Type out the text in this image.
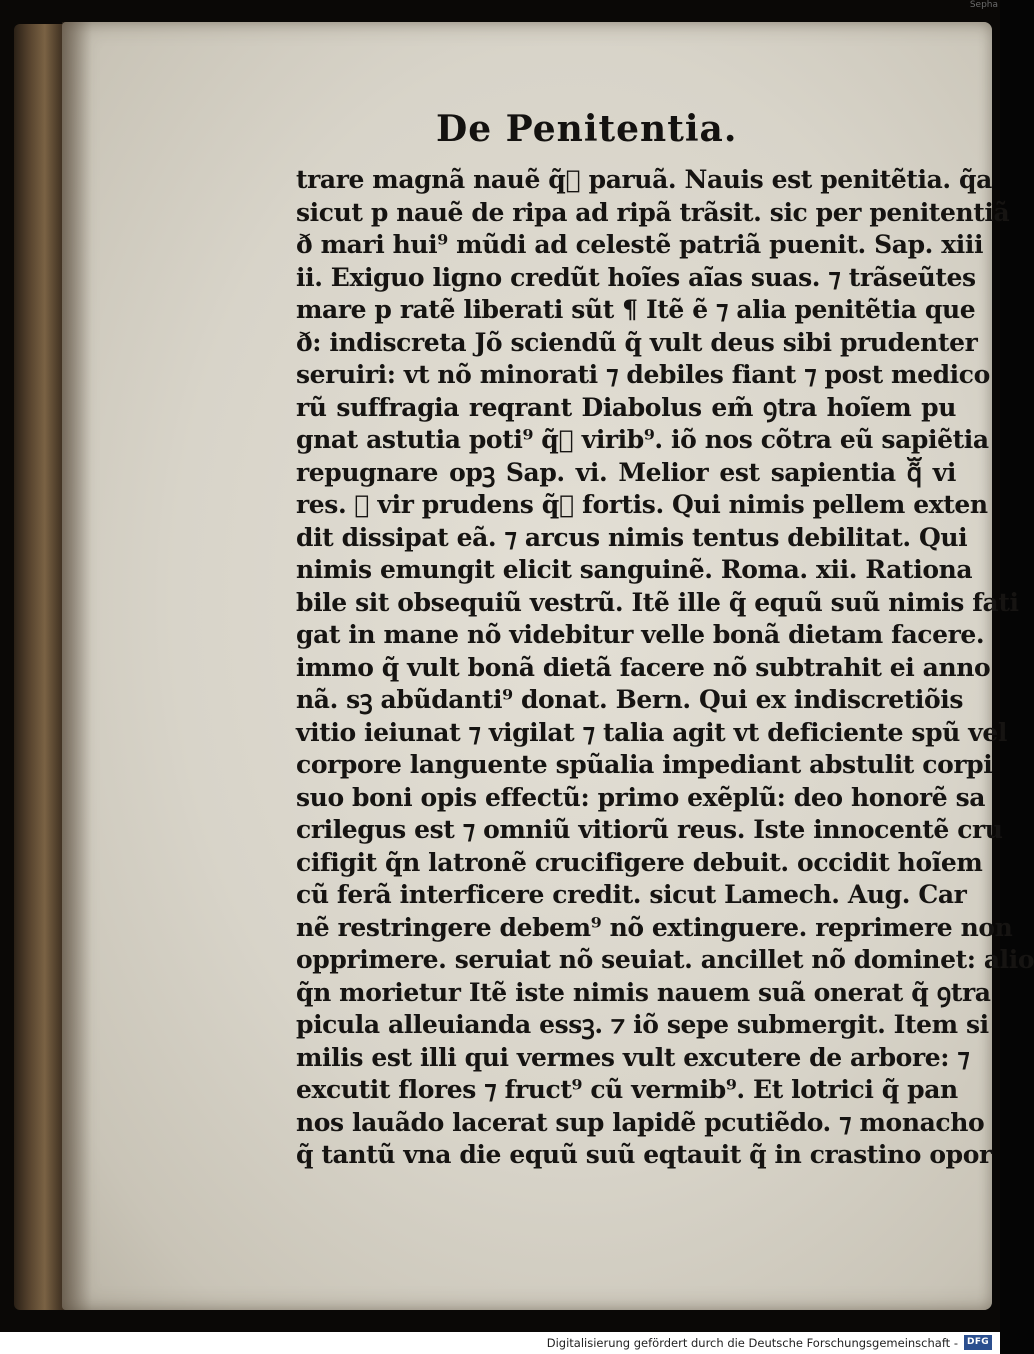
Sepha
De Penitentia.
trare magnã nauẽ q̃ᷓ paruã. Nauis est penitẽtia. q̃a
sicut p nauẽ de ripa ad ripã trãsit. sic per penitentiã
ð mari hui⁹ mũdi ad celestẽ patriã puenit. Sap. xiii
ii. Exiguo ligno credũt hoĩes aĩas suas. ⁊ trãseũtes
mare p ratẽ liberati sũt ¶ Itẽ ẽ ⁊ alia penitẽtia que
ð: indiscreta Jõ sciendũ q̃ vult deus sibi prudenter
seruiri: vt nõ minorati ⁊ debiles fiant ⁊ post medico
rũ suffragia reqrant Diabolus em̃ ꝯtra hoĩem pu
gnat astutia poti⁹ q̃ᷓ virib⁹. iõ nos cõtra eũ sapiẽtia
repugnare opꝫ Sap. vi. Melior est sapientia q̃ᷓ vi
res. ⁊ vir prudens q̃ᷓ fortis. Qui nimis pellem exten
dit dissipat eã. ⁊ arcus nimis tentus debilitat. Qui
nimis emungit elicit sanguinẽ. Roma. xii. Rationa
bile sit obsequiũ vestrũ. Itẽ ille q̃ equũ suũ nimis fati
gat in mane nõ videbitur velle bonã dietam facere.
immo q̃ vult bonã dietã facere nõ subtrahit ei anno
nã. sꝫ abũdanti⁹ donat. Bern. Qui ex indiscretiõis
vitio ieiunat ⁊ vigilat ⁊ talia agit vt deficiente spũ vel
corpore languente spũalia impediant abstulit corpi
suo boni opis effectũ: primo exẽplũ: deo honorẽ sa
crilegus est ⁊ omniũ vitiorũ reus. Iste innocentẽ cru
cifigit q̃n latronẽ crucifigere debuit. occidit hoĩem
cũ ferã interficere credit. sicut Lamech. Aug. Car
nẽ restringere debem⁹ nõ extinguere. reprimere non
opprimere. seruiat nõ seuiat. ancillet nõ dominet: alio
q̃n morietur Itẽ iste nimis nauem suã onerat q̃ ꝯtra
picula alleuianda essꝫ. ⁊ iõ sepe submergit. Item si
milis est illi qui vermes vult excutere de arbore: ⁊
excutit flores ⁊ fruct⁹ cũ vermib⁹. Et lotrici q̃ pan
nos lauãdo lacerat sup lapidẽ pcutiẽdo. ⁊ monacho
q̃ tantũ vna die equũ suũ eqtauit q̃ in crastino opor
Digitalisierung gefördert durch die Deutsche Forschungsgemeinschaft -	DFG
